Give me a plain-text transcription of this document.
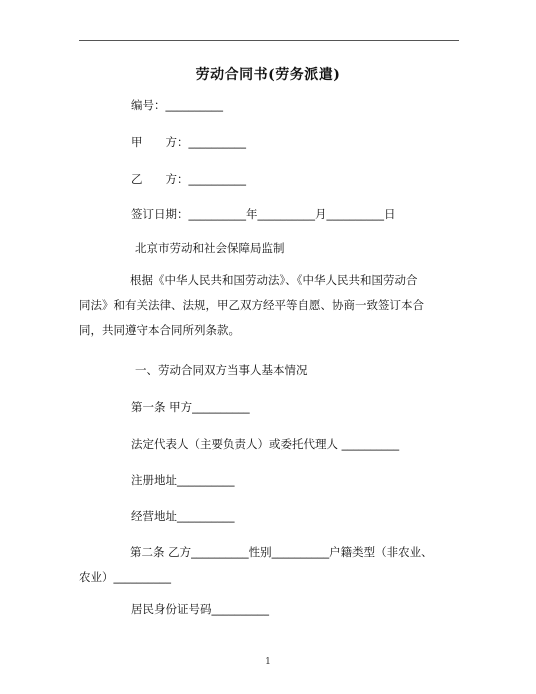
劳动合同书(劳务派遣)
编号：__________
甲　　方：__________
乙　　方：__________
签订日期：__________年__________月__________日
北京市劳动和社会保障局监制
根据《中华人民共和国劳动法》、《中华人民共和国劳动合
同法》和有关法律、法规，甲乙双方经平等自愿、协商一致签订本合
同，共同遵守本合同所列条款。
一、劳动合同双方当事人基本情况
第一条 甲方__________
法定代表人（主要负责人）或委托代理人 __________
注册地址__________
经营地址__________
第二条 乙方__________性别__________户籍类型（非农业、
农业）__________
居民身份证号码__________
1
